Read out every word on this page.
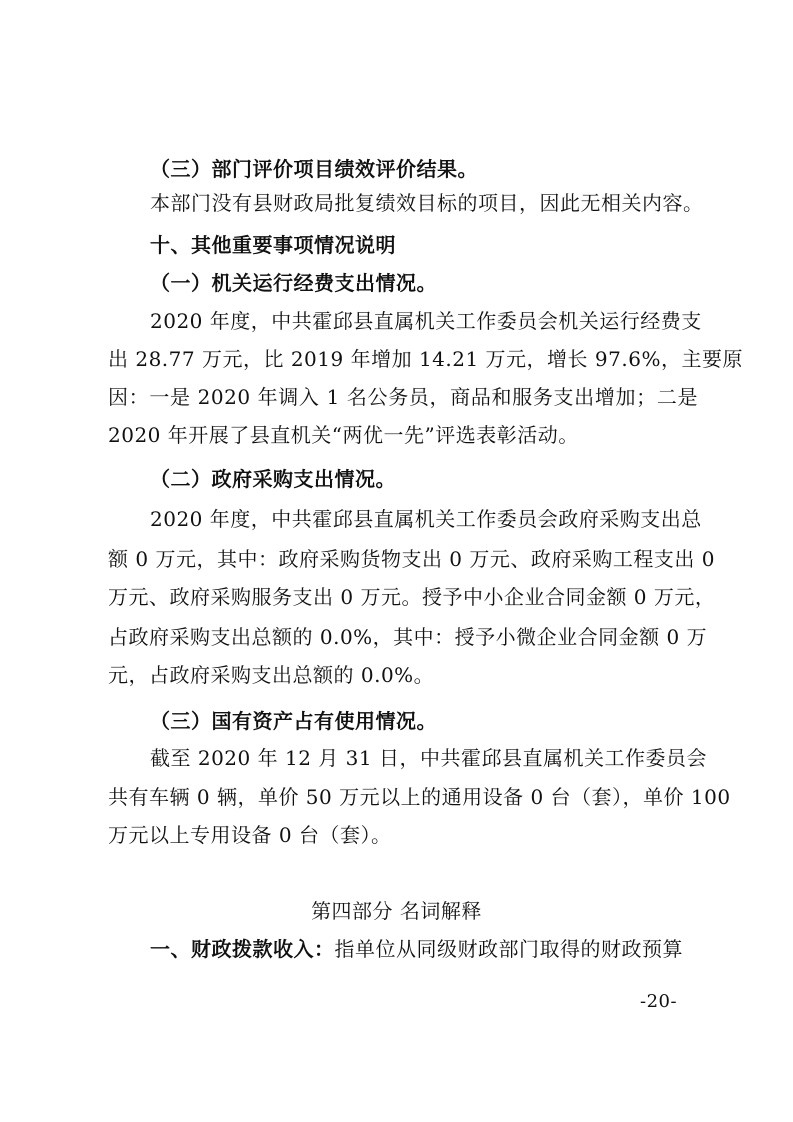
（三）部门评价项目绩效评价结果。
本部门没有县财政局批复绩效目标的项目，因此无相关内容。
十、其他重要事项情况说明
（一）机关运行经费支出情况。
2020 年度，中共霍邱县直属机关工作委员会机关运行经费支
出 28.77 万元，比 2019 年增加 14.21 万元，增长 97.6%，主要原
因：一是 2020 年调入 1 名公务员，商品和服务支出增加；二是
2020 年开展了县直机关“两优一先”评选表彰活动。
（二）政府采购支出情况。
2020 年度，中共霍邱县直属机关工作委员会政府采购支出总
额 0 万元，其中：政府采购货物支出 0 万元、政府采购工程支出 0
万元、政府采购服务支出 0 万元。授予中小企业合同金额 0 万元，
占政府采购支出总额的 0.0%，其中：授予小微企业合同金额 0 万
元，占政府采购支出总额的 0.0%。
（三）国有资产占有使用情况。
截至 2020 年 12 月 31 日，中共霍邱县直属机关工作委员会
共有车辆 0 辆，单价 50 万元以上的通用设备 0 台（套），单价 100
万元以上专用设备 0 台（套）。
第四部分 名词解释
一、财政拨款收入：指单位从同级财政部门取得的财政预算
-20-
